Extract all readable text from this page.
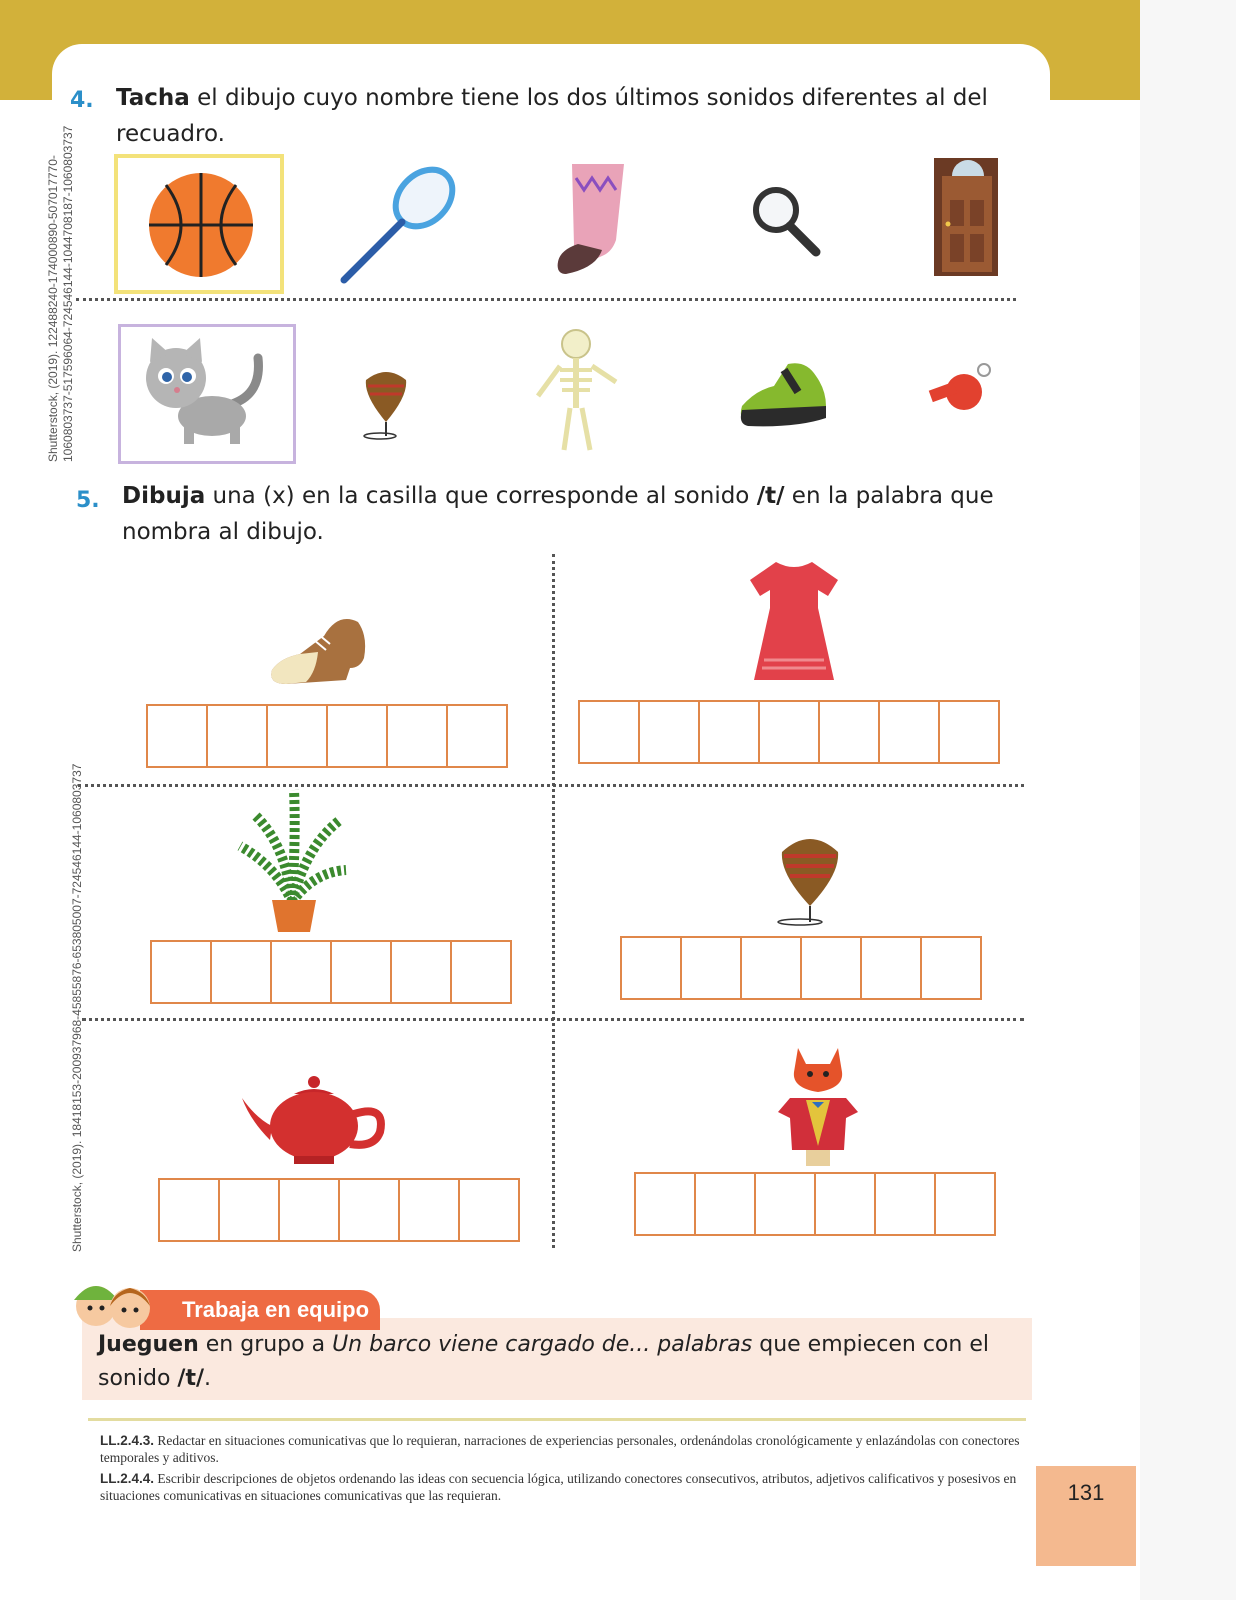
Shutterstock, (2019). 122488240-174000890-507017770- 1060803737-517596064-724546144-1044708187-1060803737
Shutterstock, (2019). 1841815​3-200937968-45855876-653805007-724546144-1060803737
4. Tacha el dibujo cuyo nombre tiene los dos últimos sonidos diferentes al del recuadro.
5. Dibuja una (x) en la casilla que corresponde al sonido /t/ en la palabra que nombra al dibujo.
Trabaja en equipo
Jueguen en grupo a Un barco viene cargado de... palabras que empiecen con el sonido /t/.
LL.2.4.3. Redactar en situaciones comunicativas que lo requieran, narraciones de experiencias personales, ordenándolas cronológicamente y enlazándolas con conectores temporales y aditivos.
LL.2.4.4. Escribir descripciones de objetos ordenando las ideas con secuencia lógica, utilizando conectores consecutivos, atributos, adjetivos calificativos y posesivos en situaciones comunicativas en situaciones comunicativas que las requieran.	131
